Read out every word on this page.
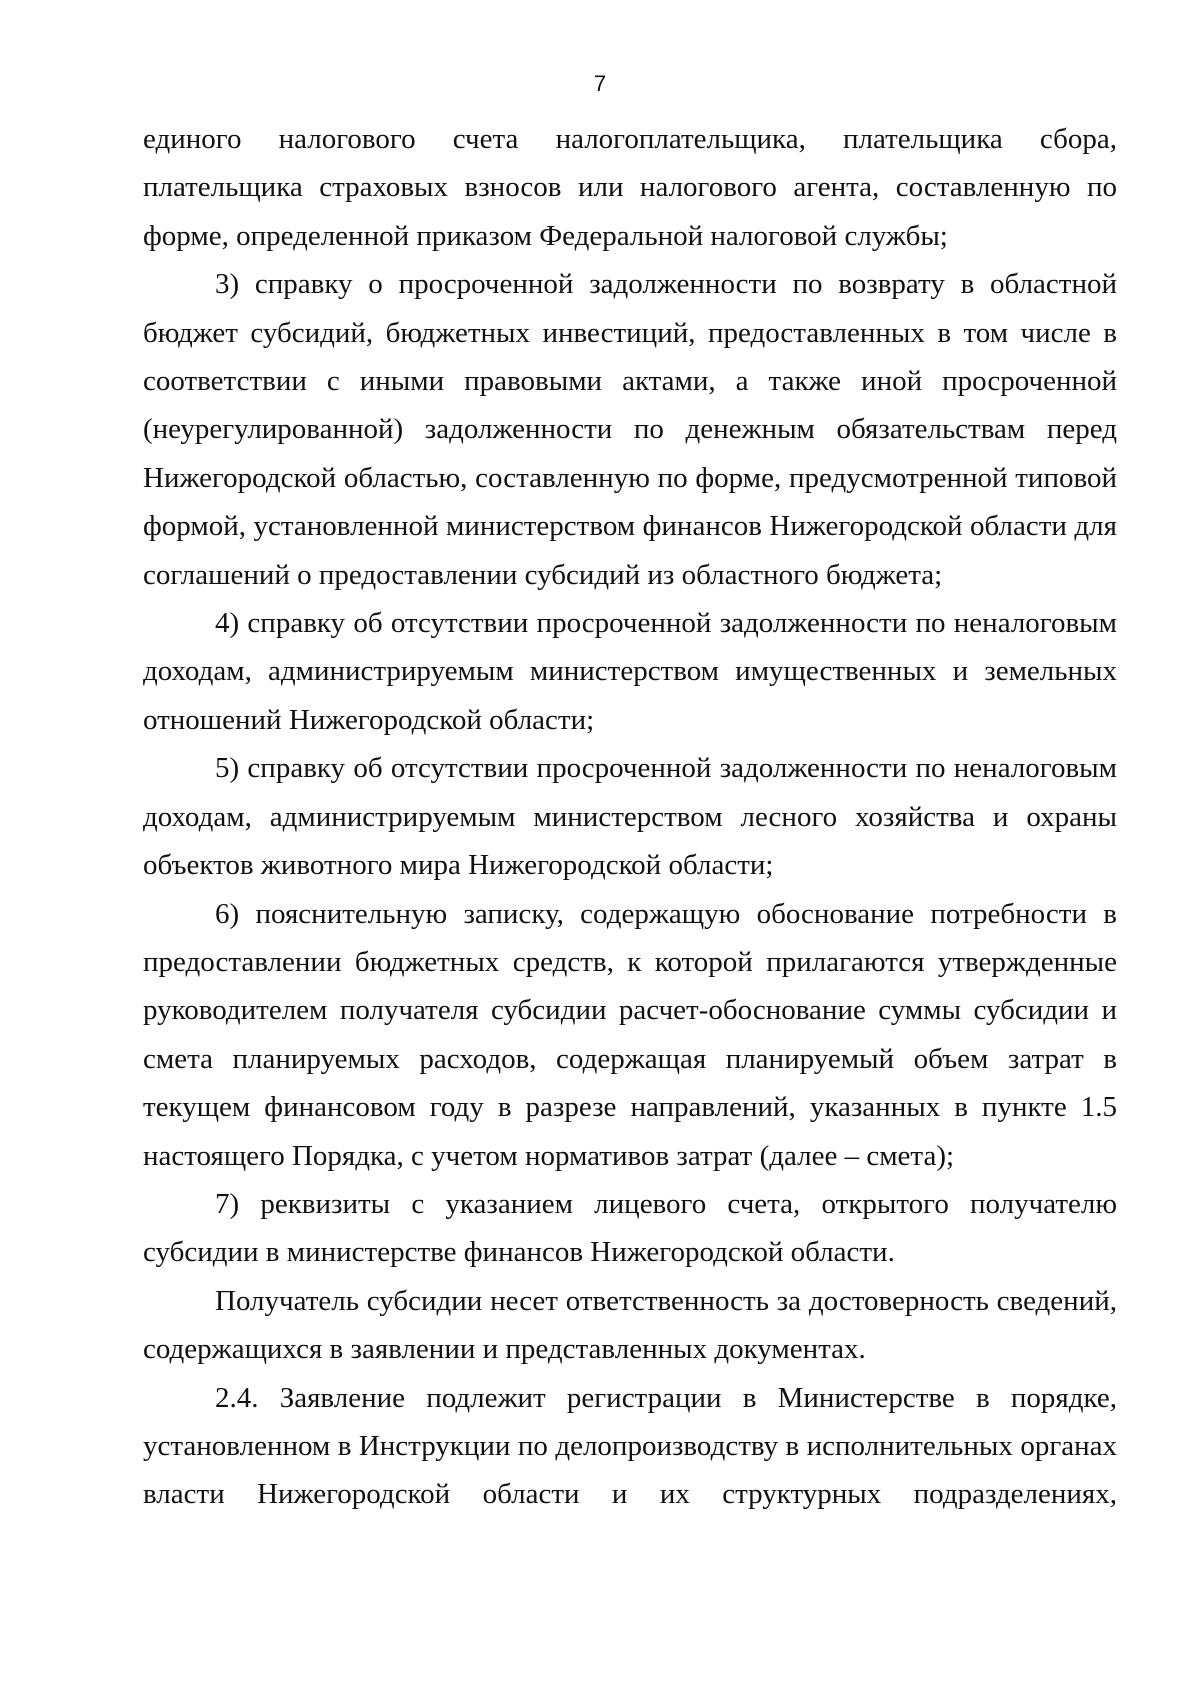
7

единого налогового счета налогоплательщика, плательщика сбора, плательщика страховых взносов или налогового агента, составленную по форме, определенной приказом Федеральной налоговой службы;

3) справку о просроченной задолженности по возврату в областной бюджет субсидий, бюджетных инвестиций, предоставленных в том числе в соответствии с иными правовыми актами, а также иной просроченной (неурегулированной) задолженности по денежным обязательствам перед Нижегородской областью, составленную по форме, предусмотренной типовой формой, установленной министерством финансов Нижегородской области для соглашений о предоставлении субсидий из областного бюджета;

4) справку об отсутствии просроченной задолженности по неналоговым доходам, администрируемым министерством имущественных и земельных отношений Нижегородской области;

5) справку об отсутствии просроченной задолженности по неналоговым доходам, администрируемым министерством лесного хозяйства и охраны объектов животного мира Нижегородской области;

6) пояснительную записку, содержащую обоснование потребности в предоставлении бюджетных средств, к которой прилагаются утвержденные руководителем получателя субсидии расчет-обоснование суммы субсидии и смета планируемых расходов, содержащая планируемый объем затрат в текущем финансовом году в разрезе направлений, указанных в пункте 1.5 настоящего Порядка, с учетом нормативов затрат (далее – смета);

7) реквизиты с указанием лицевого счета, открытого получателю субсидии в министерстве финансов Нижегородской области.

Получатель субсидии несет ответственность за достоверность сведений, содержащихся в заявлении и представленных документах.

2.4. Заявление подлежит регистрации в Министерстве в порядке, установленном в Инструкции по делопроизводству в исполнительных органах власти Нижегородской области и их структурных подразделениях,
